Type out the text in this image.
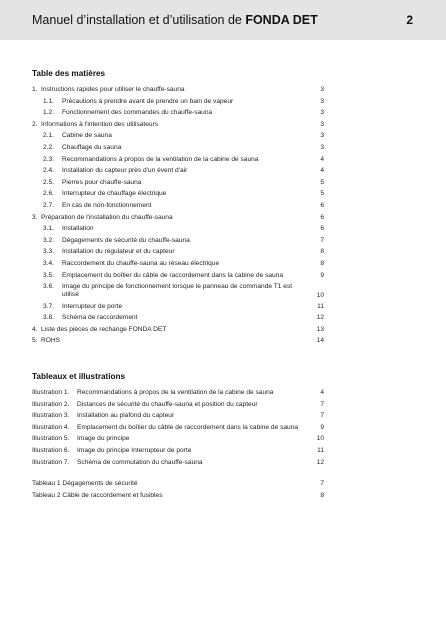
Manuel d’installation et d’utilisation de FONDA DET	2
Table des matières
1. Instructions rapides pour utiliser le chauffe-sauna	3
1.1. Précautions à prendre avant de prendre un bain de vapeur	3
1.2. Fonctionnement des commandes du chauffe-sauna	3
2. Informations à l'intention des utilisateurs	3
2.1. Cabine de sauna	3
2.2. Chauffage du sauna	3
2.3. Recommandations à propos de la ventilation de la cabine de sauna	4
2.4. Installation du capteur près d'un évent d'air	4
2.5. Pierres pour chauffe-sauna	5
2.6. Interrupteur de chauffage électrique	5
2.7. En cas de non-fonctionnement	6
3. Préparation de l'installation du chauffe-sauna	6
3.1. Installation	6
3.2. Dégagements de sécurité du chauffe-sauna	7
3.3. Installation du régulateur et du capteur	8
3.4. Raccordement du chauffe-sauna au réseau électrique	8
3.5. Emplacement du boîtier du câble de raccordement dans la cabine de sauna	9
3.6. Image du principe de fonctionnement lorsque le panneau de commande T1 est utilisé	10
3.7. Interrupteur de porte	11
3.8. Schéma de raccordement	12
4. Liste des pièces de rechange FONDA DET	13
5. ROHS	14
Tableaux et illustrations
Illustration 1. Recommandations à propos de la ventilation de la cabine de sauna	4
Illustration 2. Distances de sécurité du chauffe-sauna et position du capteur	7
Illustration 3. Installation au plafond du capteur	7
Illustration 4. Emplacement du boîtier du câble de raccordement dans la cabine de sauna	9
Illustration 5. Image du principe	10
Illustration 6. Image du principe Interrupteur de porte	11
Illustration 7. Schéma de commutation du chauffe-sauna	12
Tableau 1 Dégagements de sécurité	7
Tableau 2 Câble de raccordement et fusibles	8
